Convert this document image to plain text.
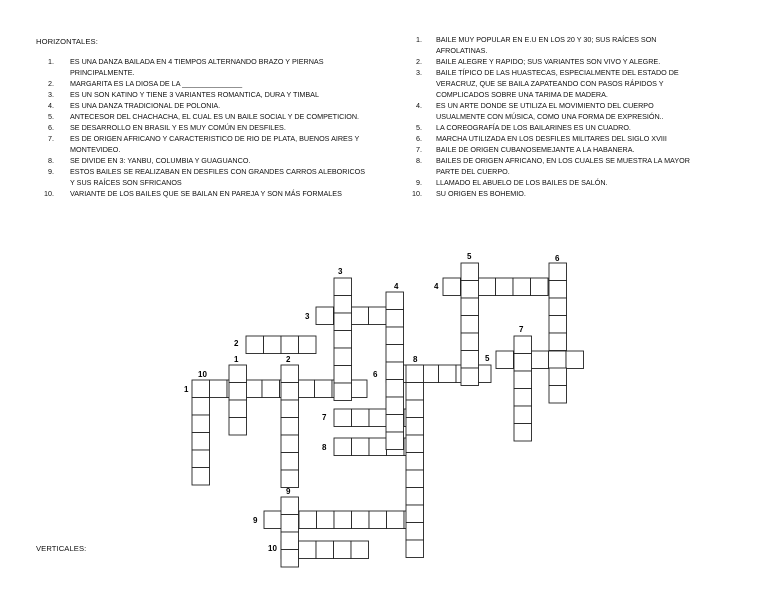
HORIZONTALES:
1. ES UNA DANZA BAILADA EN 4 TIEMPOS ALTERNANDO BRAZO Y PIERNAS PRINCIPALMENTE.
2. MARGARITA ES LA DIOSA DE LA _______________
3. ES UN SON KATINO Y TIENE 3 VARIANTES ROMANTICA, DURA Y TIMBAL
4. ES UNA DANZA TRADICIONAL DE POLONIA.
5. ANTECESOR DEL CHACHACHA, EL CUAL ES UN BAILE SOCIAL Y DE COMPETICION.
6. SE DESARROLLO EN BRASIL Y ES MUY COMÚN EN DESFILES.
7. ES DE ORIGEN AFRICANO Y CARACTERISTICO DE RIO DE PLATA, BUENOS AIRES Y MONTEVIDEO.
8. SE DIVIDE EN 3: YANBU, COLUMBIA Y GUAGUANCO.
9. ESTOS BAILES SE REALIZABAN EN DESFILES CON GRANDES CARROS ALEBORICOS Y SUS RAÍCES SON SFRICANOS
10. VARIANTE DE LOS BAILES QUE SE BAILAN EN PAREJA Y SON MÁS FORMALES
1. BAILE MUY POPULAR EN E.U EN LOS 20 Y 30; SUS RAÍCES SON AFROLATINAS.
2. BAILE ALEGRE Y RAPIDO; SUS VARIANTES SON VIVO Y ALEGRE.
3. BAILE TÍPICO DE LAS HUASTECAS, ESPECIALMENTE DEL ESTADO DE VERACRUZ, QUE SE BAILA ZAPATEANDO CON PASOS RÁPIDOS Y COMPLICADOS SOBRE UNA TARIMA DE MADERA.
4. ES UN ARTE DONDE SE UTILIZA EL MOVIMIENTO DEL CUERPO USUALMENTE CON MÚSICA, COMO UNA FORMA DE EXPRESIÓN..
5. LA COREOGRAFÍA DE LOS BAILARINES ES UN CUADRO.
6. MARCHA UTILIZADA EN LOS DESFILES MILITARES DEL SIGLO XVIII
7. BAILE DE ORIGEN CUBANOSEMEJANTE A LA HABANERA.
8. BAILES DE ORIGEN AFRICANO, EN LOS CUALES SE MUESTRA LA MAYOR PARTE DEL CUERPO.
9. LLAMADO EL ABUELO DE LOS BAILES DE SALÓN.
10. SU ORIGEN ES BOHEMIO.
VERTICALES:
1
2
3
4
5
6
7
8
9
10
1	2
3
4
5	6
7
8
9
10
